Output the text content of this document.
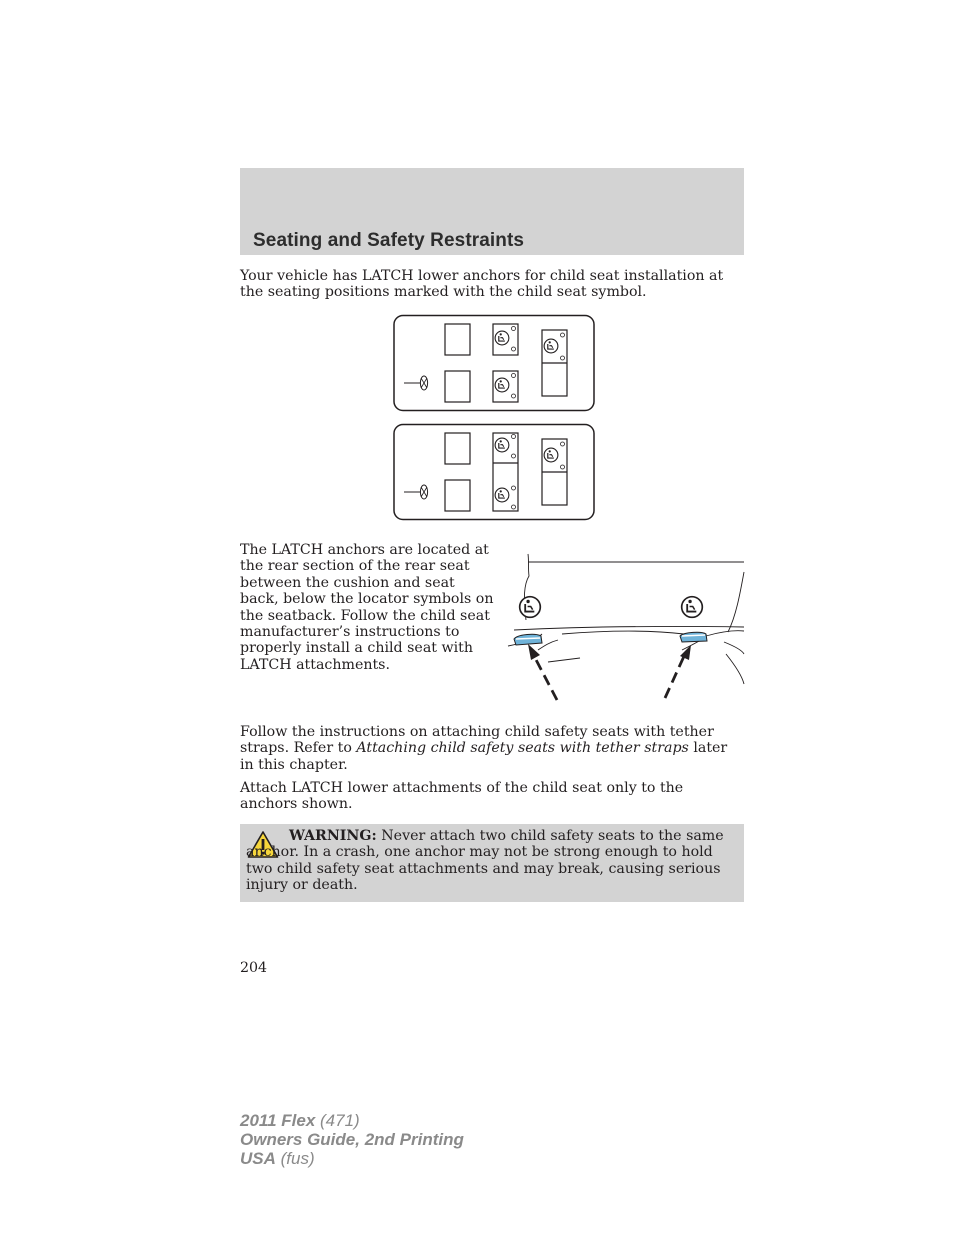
Seating and Safety Restraints

Your vehicle has LATCH lower anchors for child seat installation at the seating positions marked with the child seat symbol.

The LATCH anchors are located at the rear section of the rear seat between the cushion and seat back, below the locator symbols on the seatback. Follow the child seat manufacturer’s instructions to properly install a child seat with LATCH attachments.

Follow the instructions on attaching child safety seats with tether straps. Refer to Attaching child safety seats with tether straps later in this chapter.

Attach LATCH lower attachments of the child seat only to the anchors shown.

WARNING: Never attach two child safety seats to the same anchor. In a crash, one anchor may not be strong enough to hold two child safety seat attachments and may break, causing serious injury or death.

204

2011 Flex (471)
Owners Guide, 2nd Printing
USA (fus)
